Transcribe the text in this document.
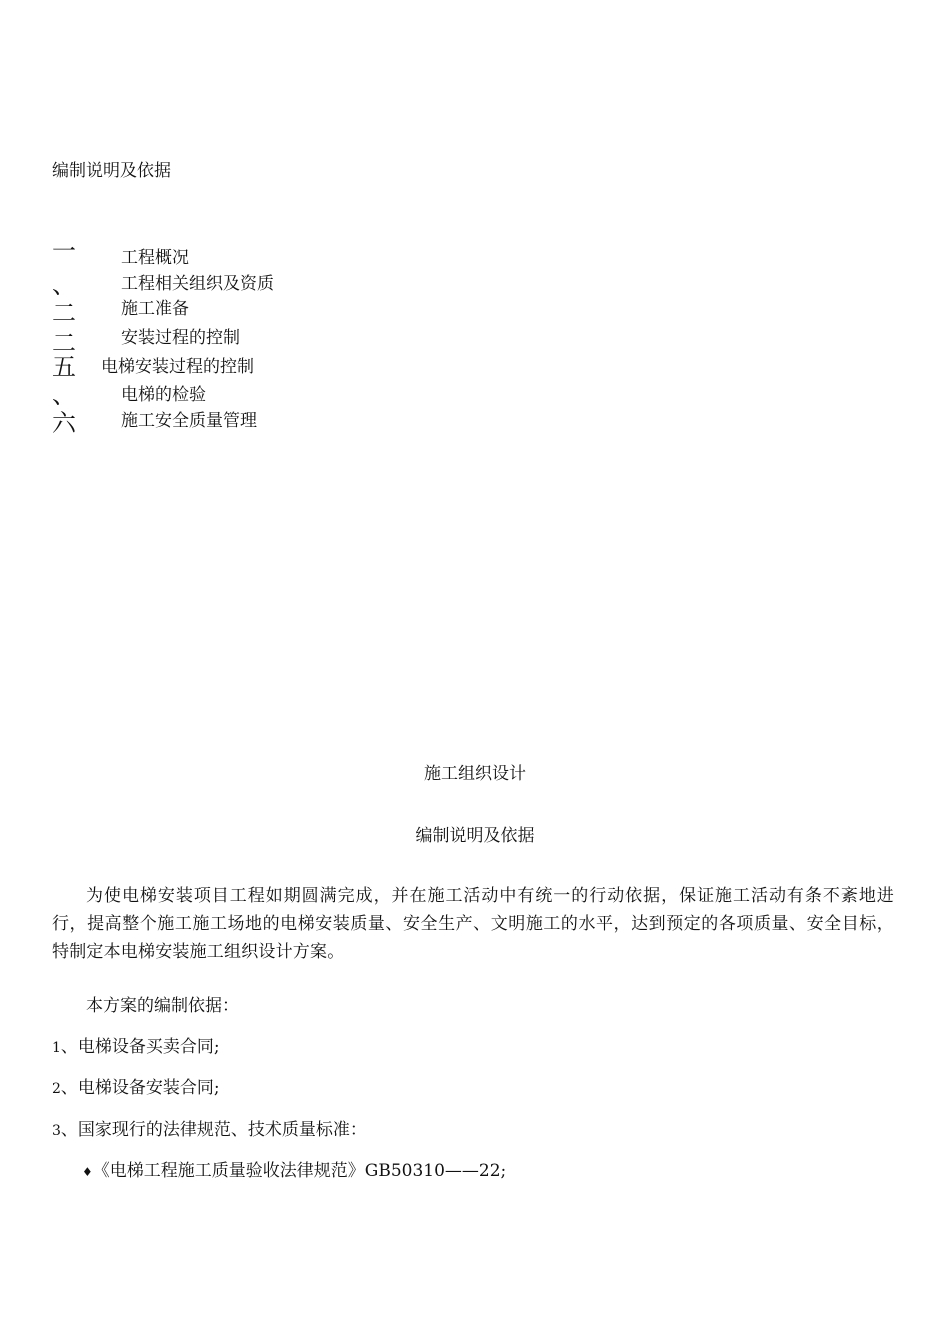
编制说明及依据
一
、
二
二
五
、
六
工程概况
工程相关组织及资质
施工准备
安装过程的控制
电梯安装过程的控制
电梯的检验
施工安全质量管理
施工组织设计
编制说明及依据

为使电梯安装项目工程如期圆满完成，并在施工活动中有统一的行动依据，保证施工活动有条不紊地进行，提高整个施工施工场地的电梯安装质量、安全生产、文明施工的水平，达到预定的各项质量、安全目标，特制定本电梯安装施工组织设计方案。

本方案的编制依据：
1、电梯设备买卖合同;
2、电梯设备安装合同;
3、国家现行的法律规范、技术质量标准：
♦《电梯工程施工质量验收法律规范》GB50310——22;
